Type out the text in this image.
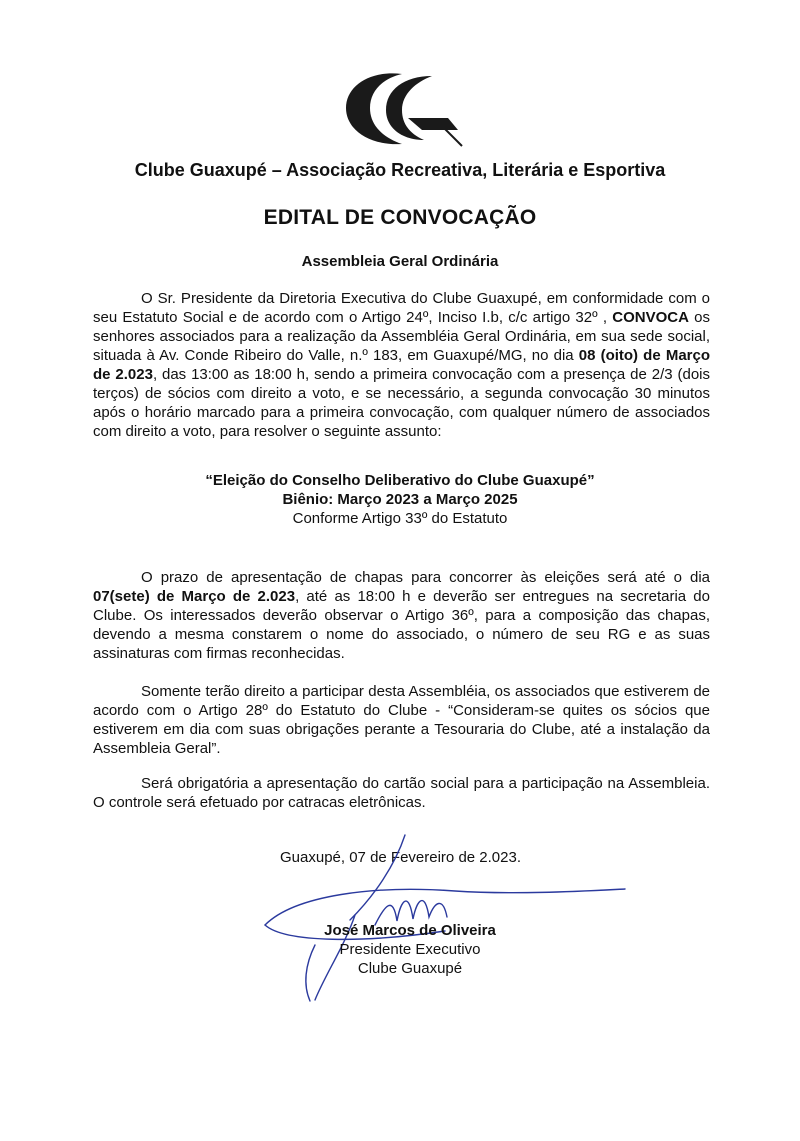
Clube Guaxupé – Associação Recreativa, Literária e Esportiva
EDITAL DE CONVOCAÇÃO
Assembleia Geral Ordinária

O Sr. Presidente da Diretoria Executiva do Clube Guaxupé, em conformidade com o seu Estatuto Social e de acordo com o Artigo 24º, Inciso I.b, c/c artigo 32º , CONVOCA os senhores associados para a realização da Assembléia Geral Ordinária, em sua sede social, situada à Av. Conde Ribeiro do Valle, n.º 183, em Guaxupé/MG, no dia 08 (oito) de Março de 2.023, das 13:00 as 18:00 h, sendo a primeira convocação com a presença de 2/3 (dois terços) de sócios com direito a voto, e se necessário, a segunda convocação 30 minutos após o horário marcado para a primeira convocação, com qualquer número de associados com direito a voto, para resolver o seguinte assunto:

“Eleição do Conselho Deliberativo do Clube Guaxupé”
Biênio: Março 2023 a Março 2025
Conforme Artigo 33º do Estatuto

O prazo de apresentação de chapas para concorrer às eleições será até o dia 07(sete) de Março de 2.023, até as 18:00 h e deverão ser entregues na secretaria do Clube. Os interessados deverão observar o Artigo 36º, para a composição das chapas, devendo a mesma constarem o nome do associado, o número de seu RG e as suas assinaturas com firmas reconhecidas.

Somente terão direito a participar desta Assembléia, os associados que estiverem de acordo com o Artigo 28º do Estatuto do Clube - “Consideram-se quites os sócios que estiverem em dia com suas obrigações perante a Tesouraria do Clube, até a instalação da Assembleia Geral”.

Será obrigatória a apresentação do cartão social para a participação na Assembleia. O controle será efetuado por catracas eletrônicas.

Guaxupé, 07 de Fevereiro de 2.023.
José Marcos de Oliveira
Presidente Executivo
Clube Guaxupé
